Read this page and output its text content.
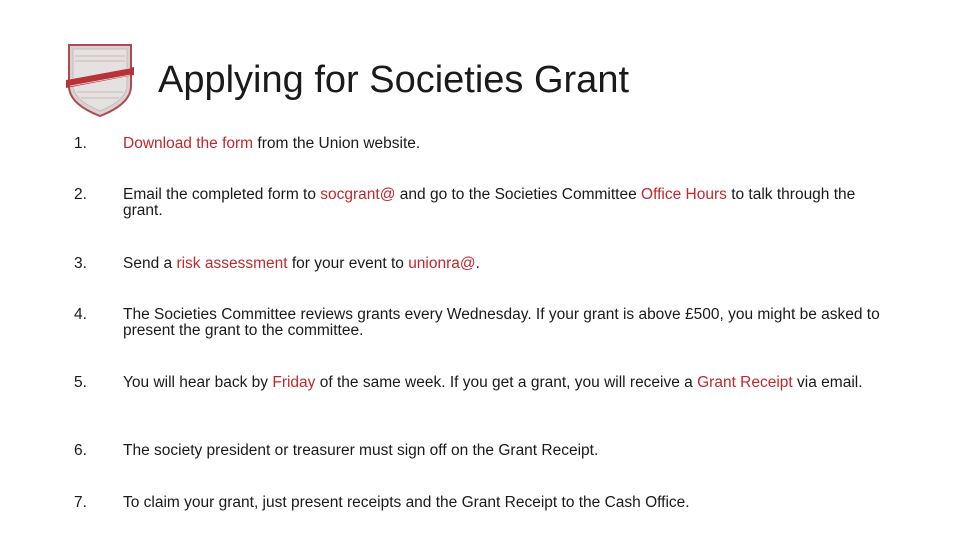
Applying for Societies Grant
1. Download the form from the Union website.
2. Email the completed form to socgrant@ and go to the Societies Committee Office Hours to talk through the grant.
3. Send a risk assessment for your event to unionra@.
4. The Societies Committee reviews grants every Wednesday. If your grant is above £500, you might be asked to present the grant to the committee.
5. You will hear back by Friday of the same week. If you get a grant, you will receive a Grant Receipt via email.
6. The society president or treasurer must sign off on the Grant Receipt.
7. To claim your grant, just present receipts and the Grant Receipt to the Cash Office.
